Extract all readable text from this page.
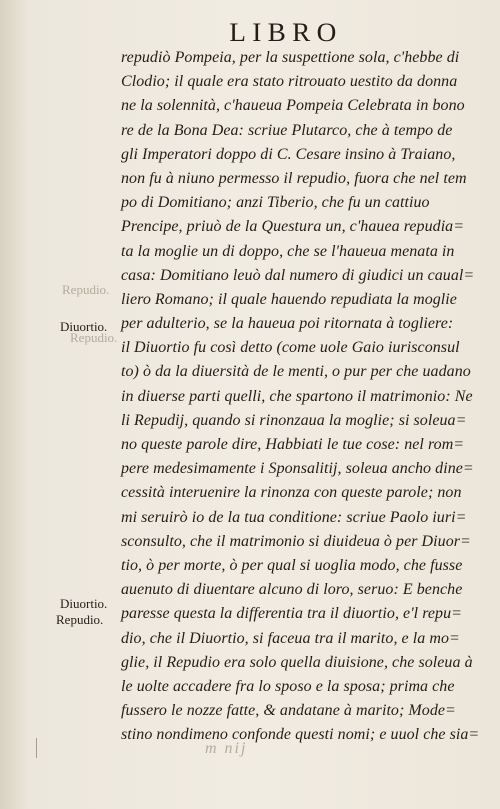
LIBRO
Repudio.
Diuortio.
Repudio.
Diuortio.
Repudio.
repudiò Pompeia, per la suspettione sola, c'hebbe di
Clodio; il quale era stato ritrouato uestito da donna
ne la solennità, c'haueua Pompeia Celebrata in bono
re de la Bona Dea: scriue Plutarco, che à tempo de
gli Imperatori doppo di C. Cesare insino à Traiano,
non fu à niuno permesso il repudio, fuora che nel tem
po di Domitiano; anzi Tiberio, che fu un cattiuo
Prencipe, priuò de la Questura un, c'haueа repudia=
ta la moglie un di doppo, che se l'haueua menata in
casa: Domitiano leuò dal numero di giudici un caual=
liero Romano; il quale hauendo repudiata la moglie
per adulterio, se la haueua poi ritornata à togliere:
il Diuortio fu così detto (come uole Gaio iurisconsul
to) ò da la diuersità de le menti, o pur per che uadano
in diuerse parti quelli, che spartono il matrimonio: Ne
li Repudij, quando si rinonzaua la moglie; si soleua=
no queste parole dire, Habbiati le tue cose: nel rom=
pere medesimamente i Sponsalitij, soleua ancho dine=
cessità interuenire la rinonza con queste parole; non
mi seruirò io de la tua conditione: scriue Paolo iuri=
sconsulto, che il matrimonio si diuideua ò per Diuor=
tio, ò per morte, ò per qual si uoglia modo, che fusse
auenuto di diuentare alcuno di loro, seruo: E benche
paresse questa la differentia tra il diuortio, e'l repu=
dio, che il Diuortio, si faceua tra il marito, e la mo=
glie, il Repudio era solo quella diuisione, che soleua à
le uolte accadere fra lo sposo e la sposa; prima che
fussero le nozze fatte, & andatane à marito; Mode=
stino nondimeno confonde questi nomi; e uuol che sia=
m nij
